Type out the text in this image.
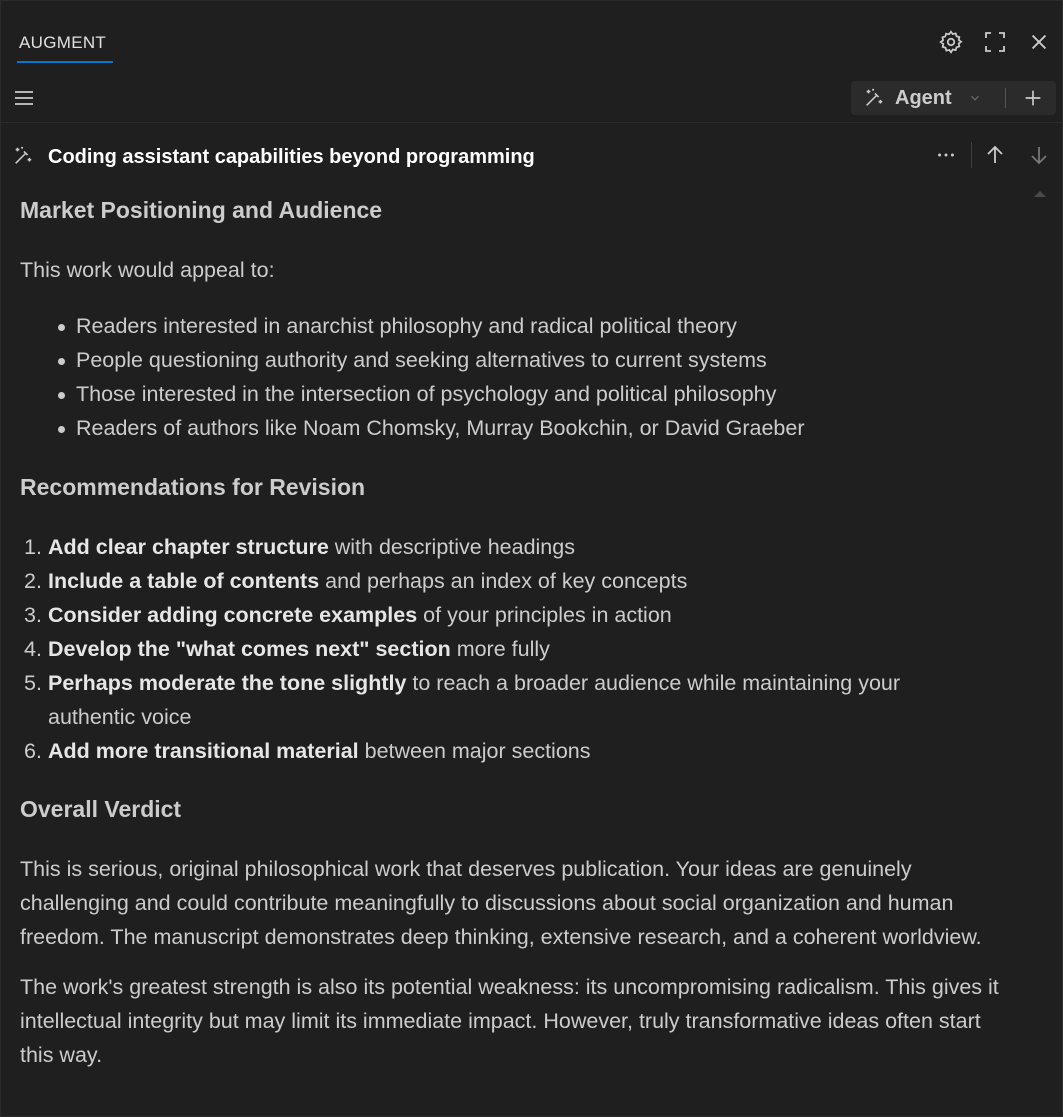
AUGMENT
Agent
Coding assistant capabilities beyond programming
Market Positioning and Audience

This work would appeal to:

Readers interested in anarchist philosophy and radical political theory
People questioning authority and seeking alternatives to current systems
Those interested in the intersection of psychology and political philosophy
Readers of authors like Noam Chomsky, Murray Bookchin, or David Graeber
Recommendations for Revision
1. Add clear chapter structure with descriptive headings
2. Include a table of contents and perhaps an index of key concepts
3. Consider adding concrete examples of your principles in action
4. Develop the "what comes next" section more fully
5. Perhaps moderate the tone slightly to reach a broader audience while maintaining your authentic voice
6. Add more transitional material between major sections
Overall Verdict

This is serious, original philosophical work that deserves publication. Your ideas are genuinely challenging and could contribute meaningfully to discussions about social organization and human freedom. The manuscript demonstrates deep thinking, extensive research, and a coherent worldview.

The work's greatest strength is also its potential weakness: its uncompromising radicalism. This gives it intellectual integrity but may limit its immediate impact. However, truly transformative ideas often start this way.
